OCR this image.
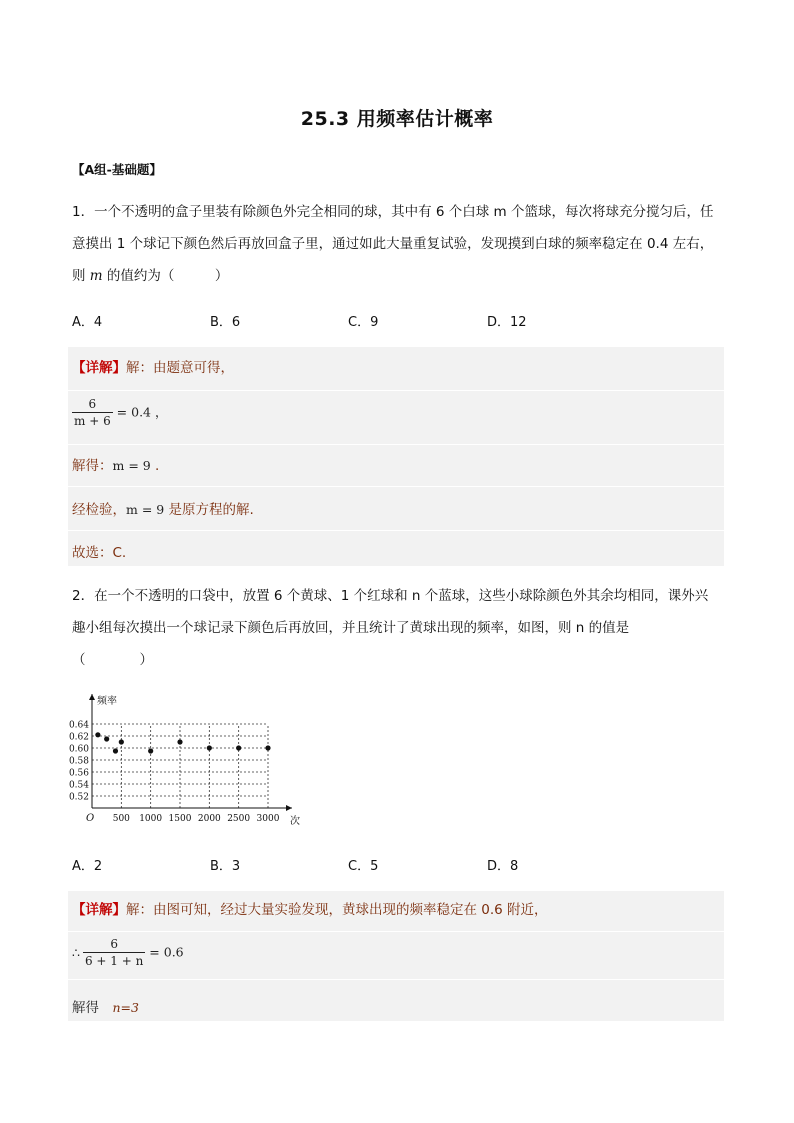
25.3 用频率估计概率
【A组-基础题】
1．一个不透明的盒子里装有除颜色外完全相同的球，其中有 6 个白球 m 个篮球，每次将球充分搅匀后，任
意摸出 1 个球记下颜色然后再放回盒子里，通过如此大量重复试验，发现摸到白球的频率稳定在 0.4 左右，
则 m 的值约为（　　　）
A．4	B．6	C．9	D．12
【详解】解：由题意可得，
$\frac{6}{m + 6} = 0.4$ ，
解得：m = 9 .
经检验，m = 9 是原方程的解.
故选：C.
2．在一个不透明的口袋中，放置 6 个黄球、1 个红球和 n 个蓝球，这些小球除颜色外其余均相同，课外兴
趣小组每次摸出一个球记录下颜色后再放回，并且统计了黄球出现的频率，如图，则 n 的值是
（　　　　）
0.52
0.54
0.56
0.58
0.60
0.62
0.64
500 1000 1500 2000 2500 3000
频率
次
O
A．2	B．3	C．5	D．8
【详解】解：由图可知，经过大量实验发现，黄球出现的频率稳定在 0.6 附近，
∴ $\frac{6}{6 + 1 + n} = 0.6$
解得　n=3
